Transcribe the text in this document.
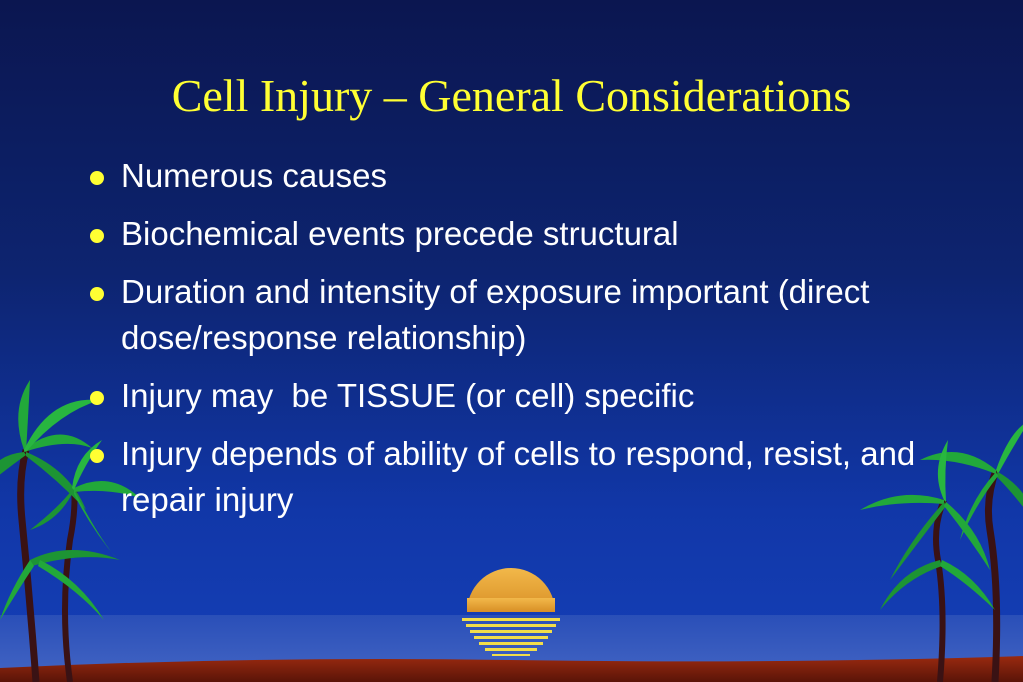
Cell Injury – General Considerations
Numerous causes
Biochemical events precede structural
Duration and intensity of exposure important (direct dose/response relationship)
Injury may  be TISSUE (or cell) specific
Injury depends of ability of cells to respond, resist, and repair injury
